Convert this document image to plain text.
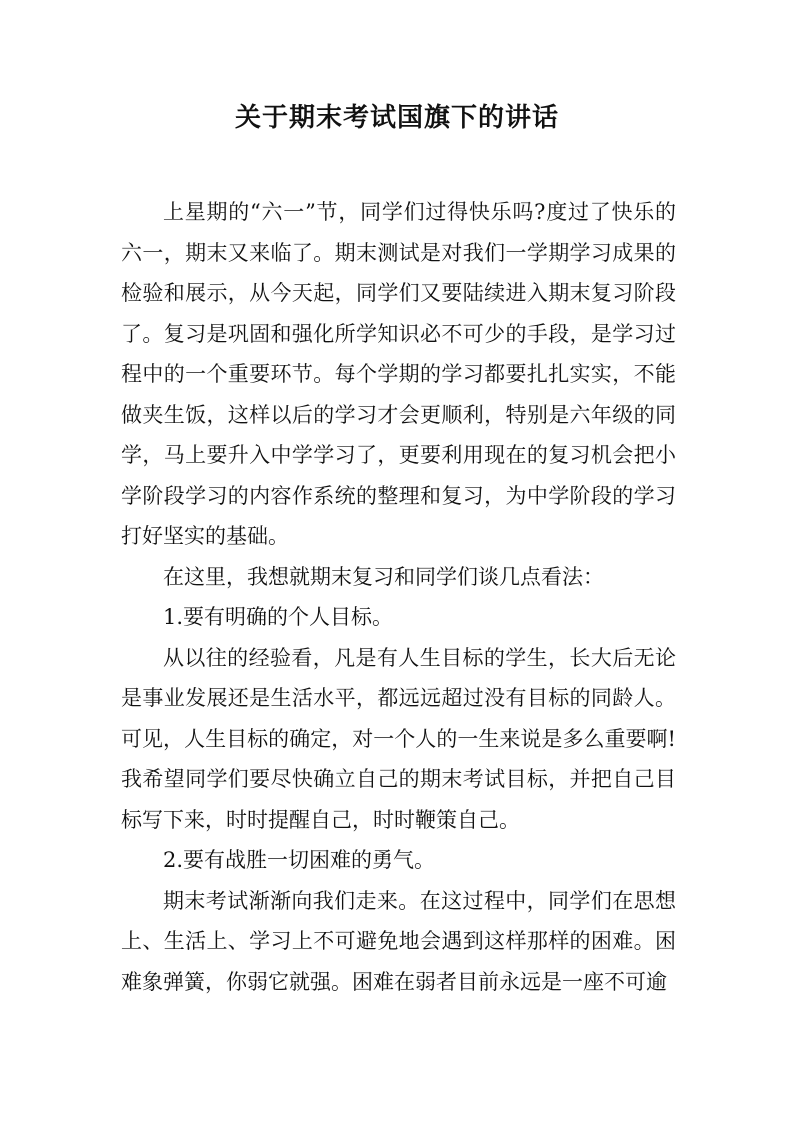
关于期末考试国旗下的讲话

上星期的“六一”节，同学们过得快乐吗?度过了快乐的六一，期末又来临了。期末测试是对我们一学期学习成果的检验和展示，从今天起，同学们又要陆续进入期末复习阶段了。复习是巩固和强化所学知识必不可少的手段，是学习过程中的一个重要环节。每个学期的学习都要扎扎实实，不能做夹生饭，这样以后的学习才会更顺利，特别是六年级的同学，马上要升入中学学习了，更要利用现在的复习机会把小学阶段学习的内容作系统的整理和复习，为中学阶段的学习打好坚实的基础。

在这里，我想就期末复习和同学们谈几点看法：

1.要有明确的个人目标。

从以往的经验看，凡是有人生目标的学生，长大后无论是事业发展还是生活水平，都远远超过没有目标的同龄人。可见，人生目标的确定，对一个人的一生来说是多么重要啊!我希望同学们要尽快确立自己的期末考试目标，并把自己目标写下来，时时提醒自己，时时鞭策自己。

2.要有战胜一切困难的勇气。

期末考试渐渐向我们走来。在这过程中，同学们在思想上、生活上、学习上不可避免地会遇到这样那样的困难。困难象弹簧，你弱它就强。困难在弱者目前永远是一座不可逾
